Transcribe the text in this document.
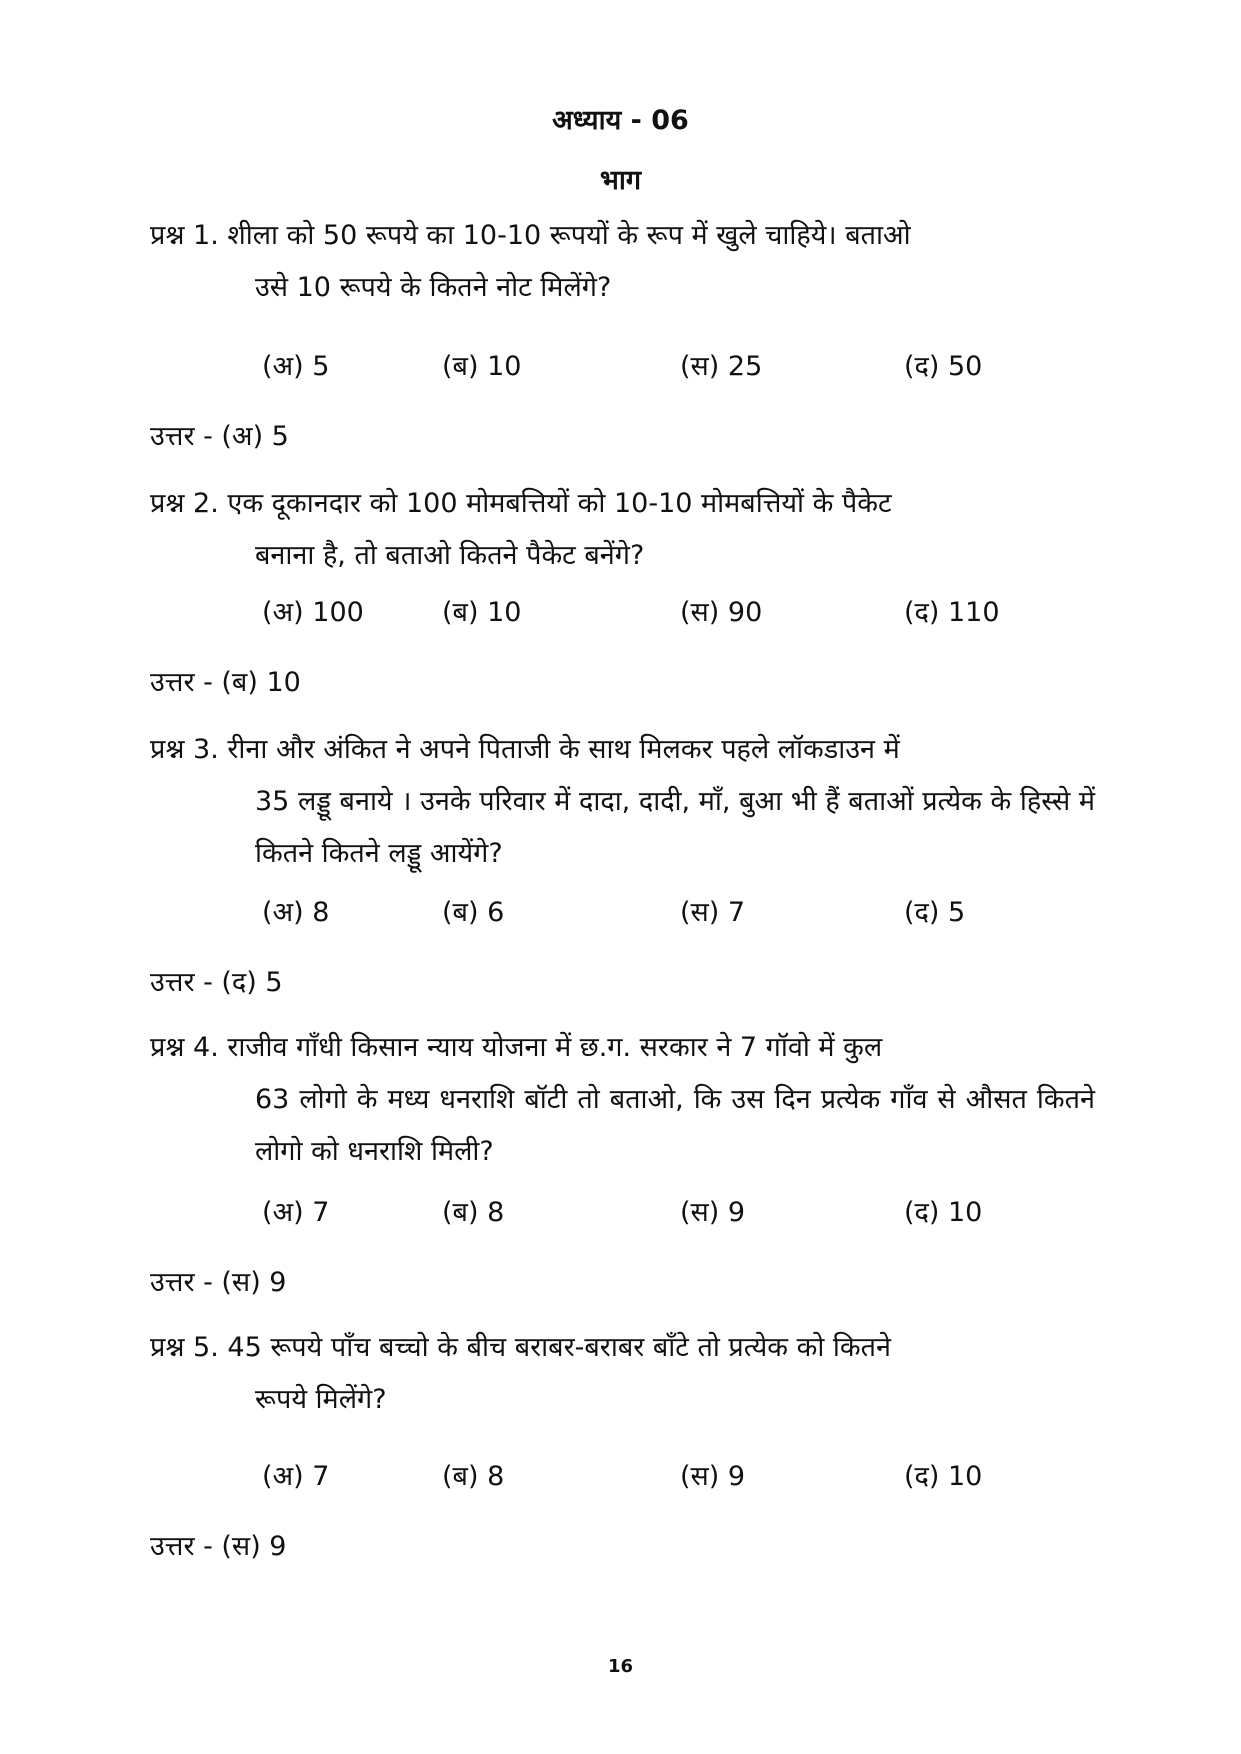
अध्याय - 06
भाग
प्रश्न 1. शीला को 50 रूपये का 10-10 रूपयों के रूप में खुले चाहिये। बताओ
उसे 10 रूपये के कितने नोट मिलेंगे?
(अ) 5	(ब) 10	(स) 25	(द) 50
उत्तर - (अ) 5
प्रश्न 2. एक दूकानदार को 100 मोमबत्तियों को 10-10 मोमबत्तियों के पैकेट
बनाना है, तो बताओ कितने पैकेट बनेंगे?
(अ) 100	(ब) 10	(स) 90	(द) 110
उत्तर - (ब) 10
प्रश्न 3. रीना और अंकित ने अपने पिताजी के साथ मिलकर पहले लॉकडाउन में
35 लड्डू बनाये । उनके परिवार में दादा, दादी, माँ, बुआ भी हैं बताओं प्रत्येक के हिस्से में कितने कितने लड्डू आयेंगे?
(अ) 8	(ब) 6	(स) 7	(द) 5
उत्तर - (द) 5
प्रश्न 4. राजीव गाँधी किसान न्याय योजना में छ.ग. सरकार ने 7 गॉवो में कुल
63 लोगो के मध्य धनराशि बॉटी तो बताओ, कि उस दिन प्रत्येक गाँव से औसत कितने लोगो को धनराशि मिली?
(अ) 7	(ब) 8	(स) 9	(द) 10
उत्तर - (स) 9
प्रश्न 5. 45 रूपये पाँच बच्चो के बीच बराबर-बराबर बाँटे तो प्रत्येक को कितने
रूपये मिलेंगे?
(अ) 7	(ब) 8	(स) 9	(द) 10
उत्तर - (स) 9
16
